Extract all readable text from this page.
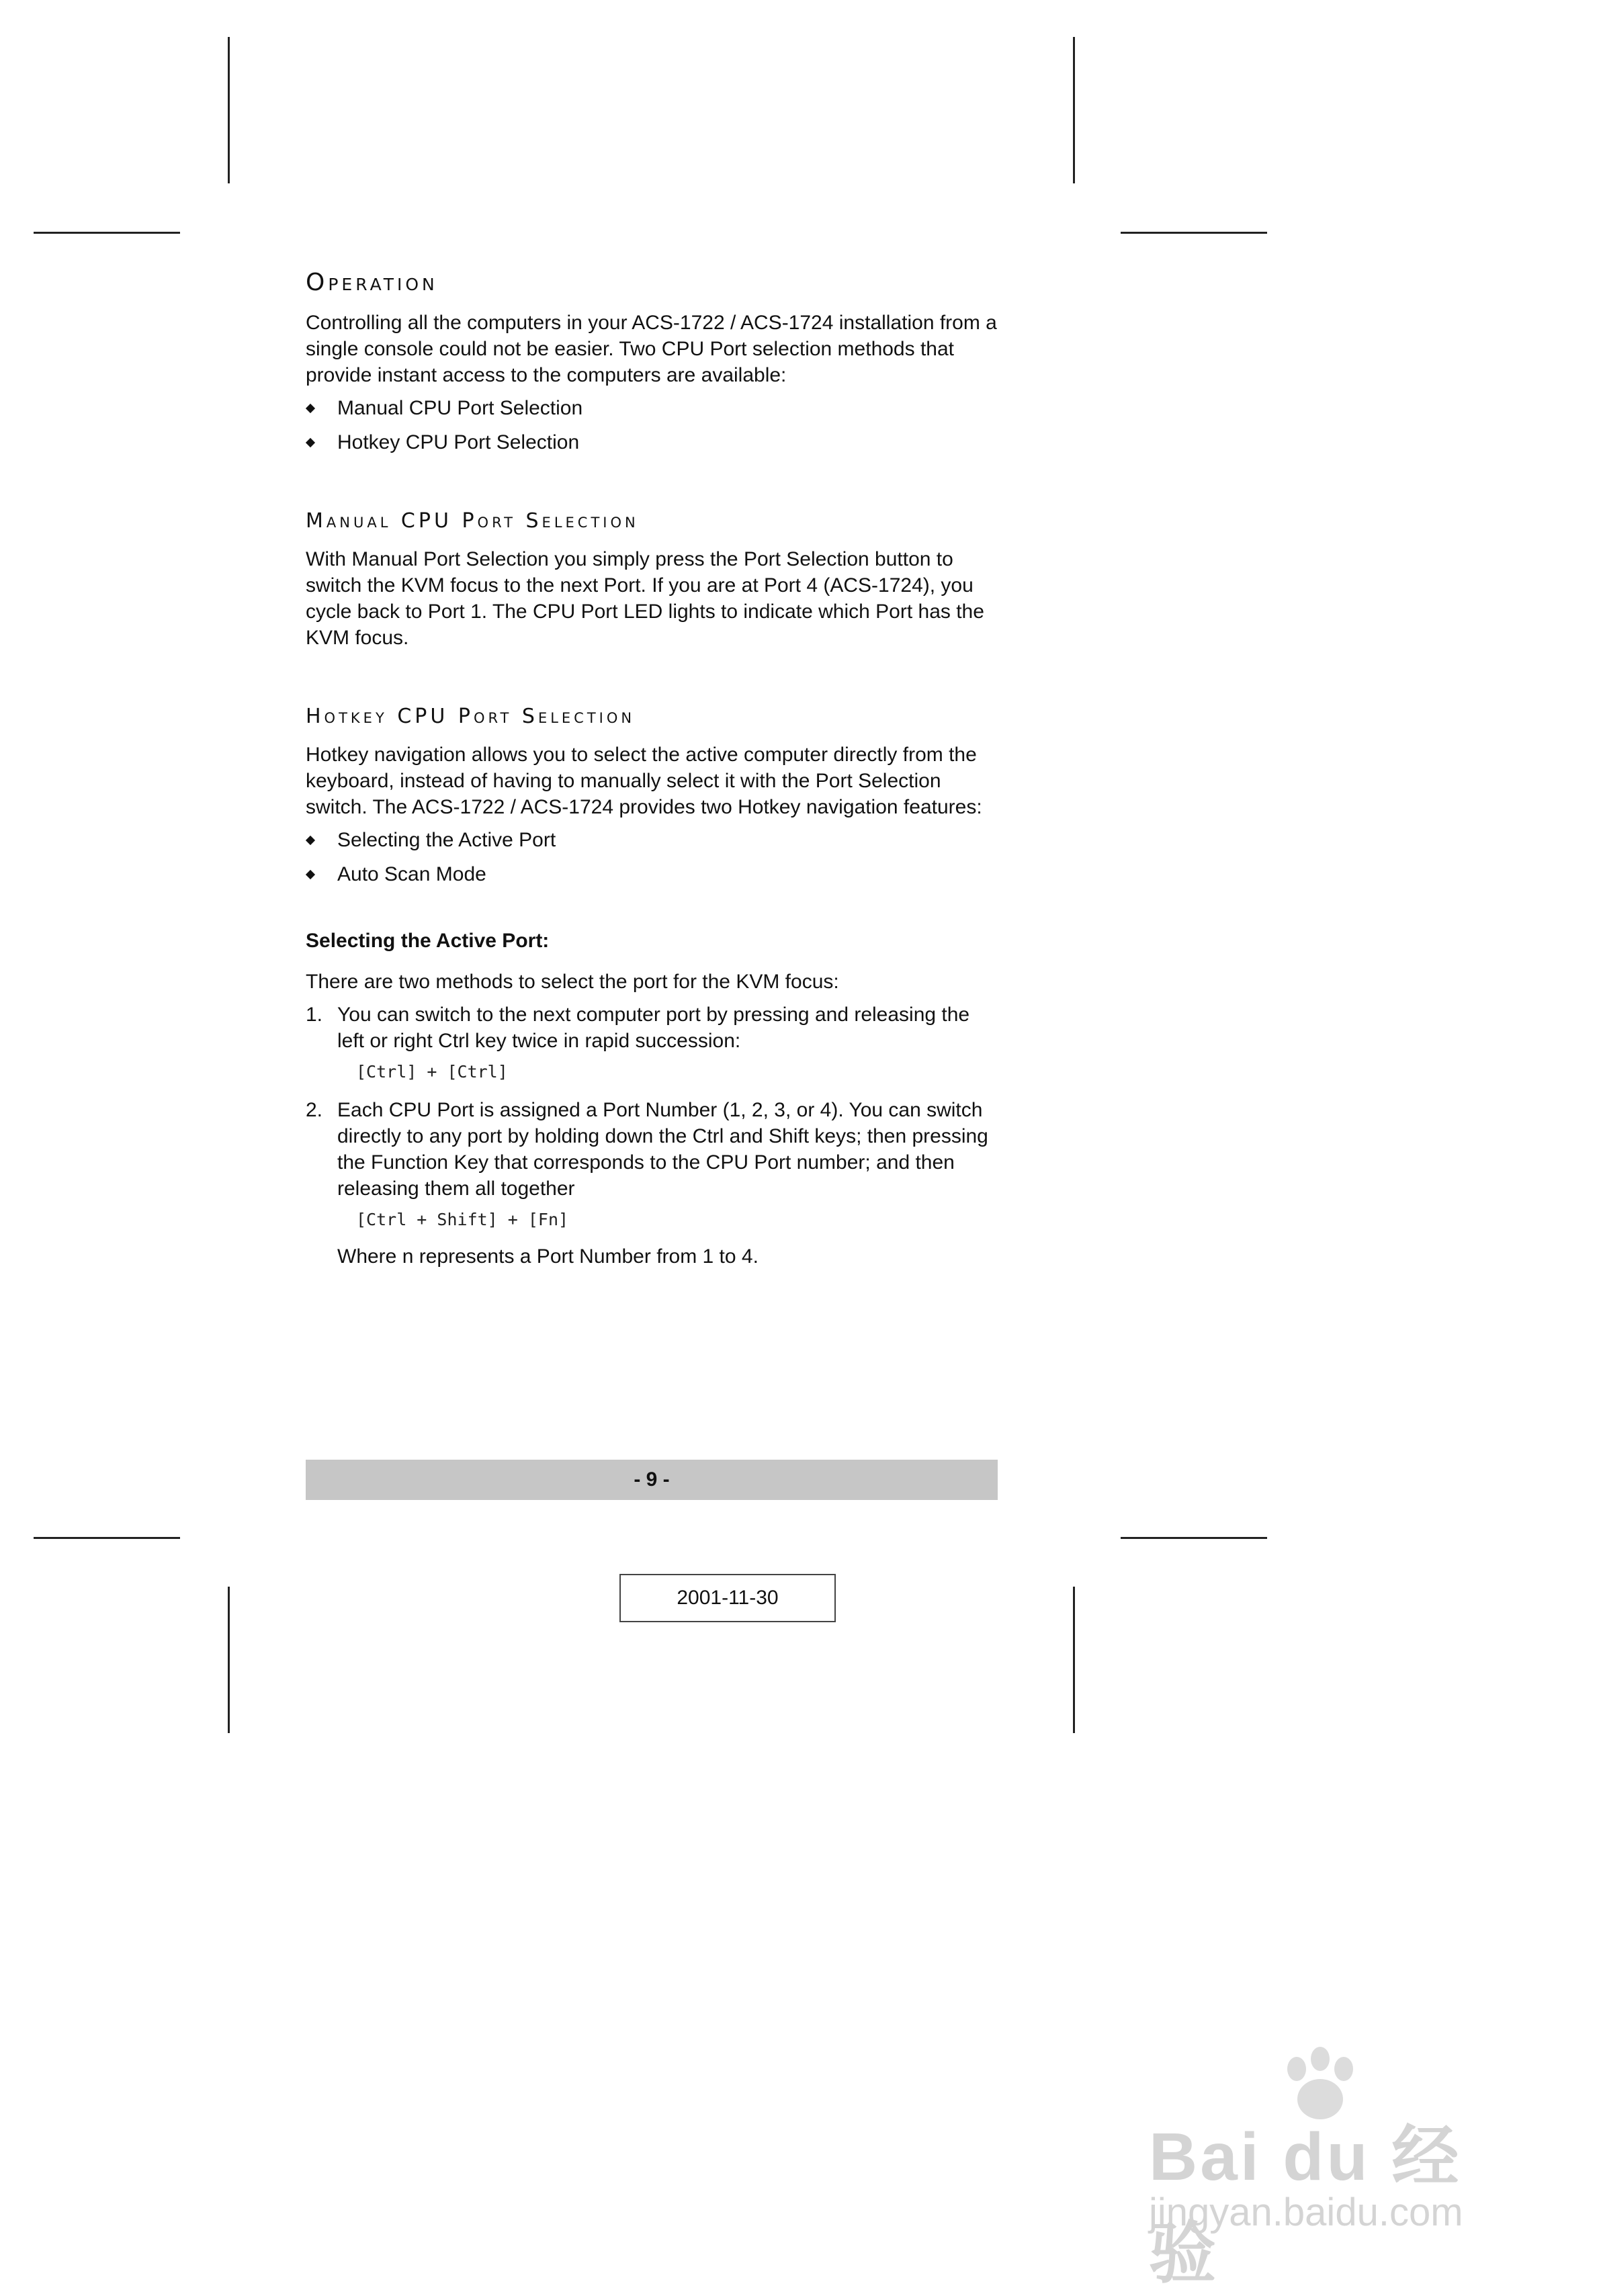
Operation

Controlling all the computers in your ACS-1722 / ACS-1724 installation from a single console could not be easier. Two CPU Port selection methods that provide instant access to the computers are available:

Manual CPU Port Selection
Hotkey CPU Port Selection
Manual CPU Port Selection

With Manual Port Selection you simply press the Port Selection button to switch the KVM focus to the next Port. If you are at Port 4 (ACS-1724), you cycle back to Port 1. The CPU Port LED lights to indicate which Port has the KVM focus.

Hotkey CPU Port Selection

Hotkey navigation allows you to select the active computer directly from the keyboard, instead of having to manually select it with the Port Selection switch. The ACS-1722 / ACS-1724 provides two Hotkey navigation features:

Selecting the Active Port
Auto Scan Mode
Selecting the Active Port:

There are two methods to select the port for the KVM focus:

1. You can switch to the next computer port by pressing and releasing the left or right Ctrl key twice in rapid succession:
[Ctrl] + [Ctrl]
2. Each CPU Port is assigned a Port Number (1, 2, 3, or 4). You can switch directly to any port by holding down the Ctrl and Shift keys; then pressing the Function Key that corresponds to the CPU Port number; and then releasing them all together
[Ctrl + Shift] + [Fn]

Where n represents a Port Number from 1 to 4.

- 9 -
2001-11-30
Bai du 经验
jingyan.baidu.com
